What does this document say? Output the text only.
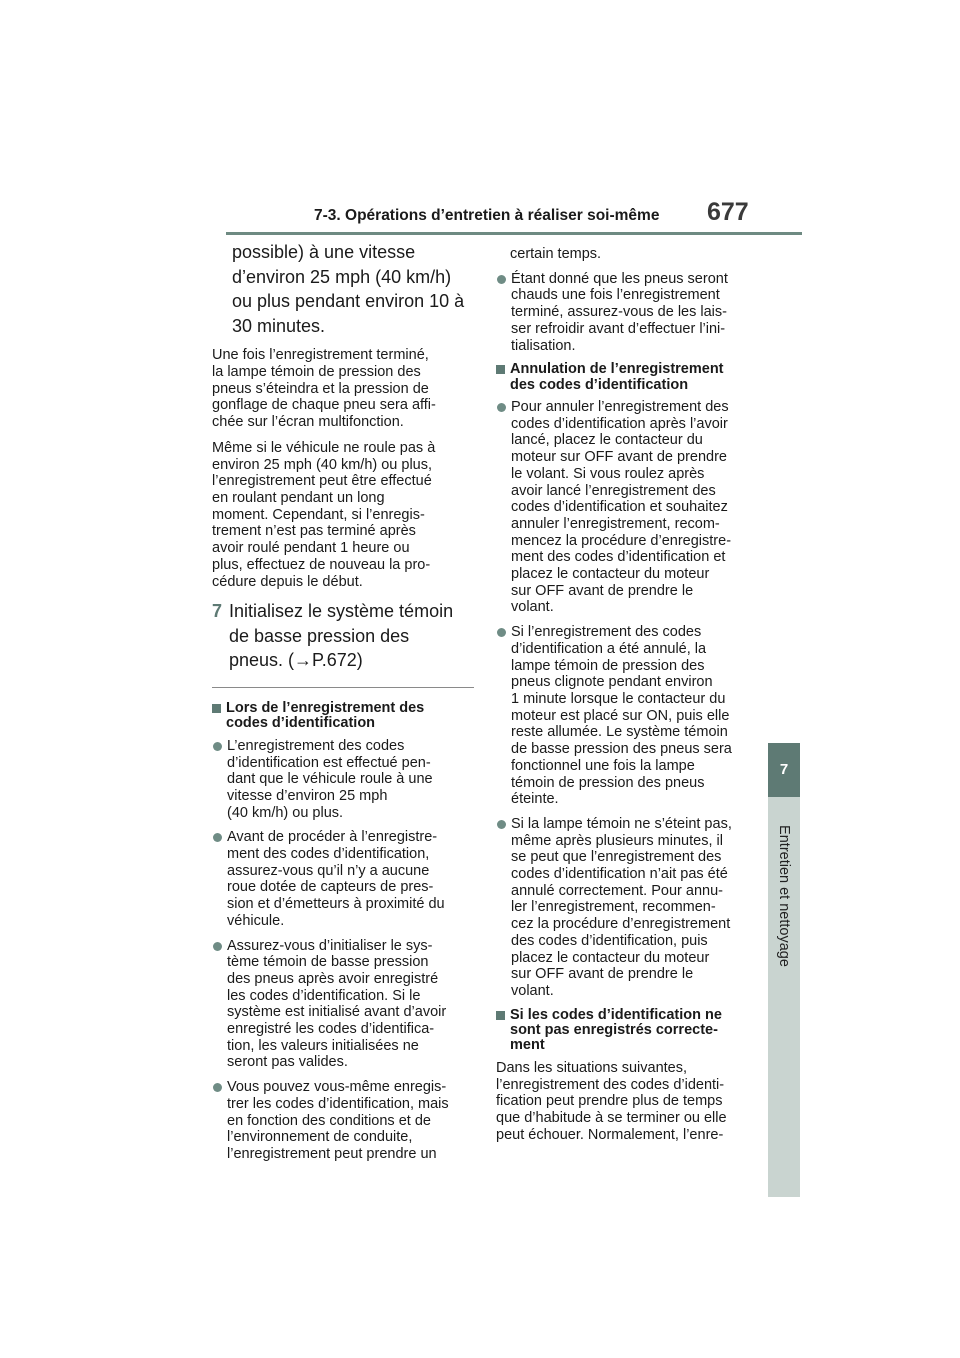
7-3. Opérations d’entretien à réaliser soi-même	677
7
Entretien et nettoyage
possible) à une vitesse
d’environ 25 mph (40 km/h)
ou plus pendant environ 10 à
30 minutes.
Une fois l’enregistrement terminé,
la lampe témoin de pression des
pneus s’éteindra et la pression de
gonflage de chaque pneu sera affi-
chée sur l’écran multifonction.
Même si le véhicule ne roule pas à
environ 25 mph (40 km/h) ou plus,
l’enregistrement peut être effectué
en roulant pendant un long
moment. Cependant, si l’enregis-
trement n’est pas terminé après
avoir roulé pendant 1 heure ou
plus, effectuez de nouveau la pro-
cédure depuis le début.
7 Initialisez le système témoin
de basse pression des
pneus. (→P.672)
Lors de l’enregistrement des
codes d’identification
L’enregistrement des codes
d’identification est effectué pen-
dant que le véhicule roule à une
vitesse d’environ 25 mph
(40 km/h) ou plus.
Avant de procéder à l’enregistre-
ment des codes d’identification,
assurez-vous qu’il n’y a aucune
roue dotée de capteurs de pres-
sion et d’émetteurs à proximité du
véhicule.
Assurez-vous d’initialiser le sys-
tème témoin de basse pression
des pneus après avoir enregistré
les codes d’identification. Si le
système est initialisé avant d’avoir
enregistré les codes d’identifica-
tion, les valeurs initialisées ne
seront pas valides.
Vous pouvez vous-même enregis-
trer les codes d’identification, mais
en fonction des conditions et de
l’environnement de conduite,
l’enregistrement peut prendre un
certain temps.
Étant donné que les pneus seront
chauds une fois l’enregistrement
terminé, assurez-vous de les lais-
ser refroidir avant d’effectuer l’ini-
tialisation.
Annulation de l’enregistrement
des codes d’identification
Pour annuler l’enregistrement des
codes d’identification après l’avoir
lancé, placez le contacteur du
moteur sur OFF avant de prendre
le volant. Si vous roulez après
avoir lancé l’enregistrement des
codes d’identification et souhaitez
annuler l’enregistrement, recom-
mencez la procédure d’enregistre-
ment des codes d’identification et
placez le contacteur du moteur
sur OFF avant de prendre le
volant.
Si l’enregistrement des codes
d’identification a été annulé, la
lampe témoin de pression des
pneus clignote pendant environ
1 minute lorsque le contacteur du
moteur est placé sur ON, puis elle
reste allumée. Le système témoin
de basse pression des pneus sera
fonctionnel une fois la lampe
témoin de pression des pneus
éteinte.
Si la lampe témoin ne s’éteint pas,
même après plusieurs minutes, il
se peut que l’enregistrement des
codes d’identification n’ait pas été
annulé correctement. Pour annu-
ler l’enregistrement, recommen-
cez la procédure d’enregistrement
des codes d’identification, puis
placez le contacteur du moteur
sur OFF avant de prendre le
volant.
Si les codes d’identification ne
sont pas enregistrés correcte-
ment
Dans les situations suivantes,
l’enregistrement des codes d’identi-
fication peut prendre plus de temps
que d’habitude à se terminer ou elle
peut échouer. Normalement, l’enre-
